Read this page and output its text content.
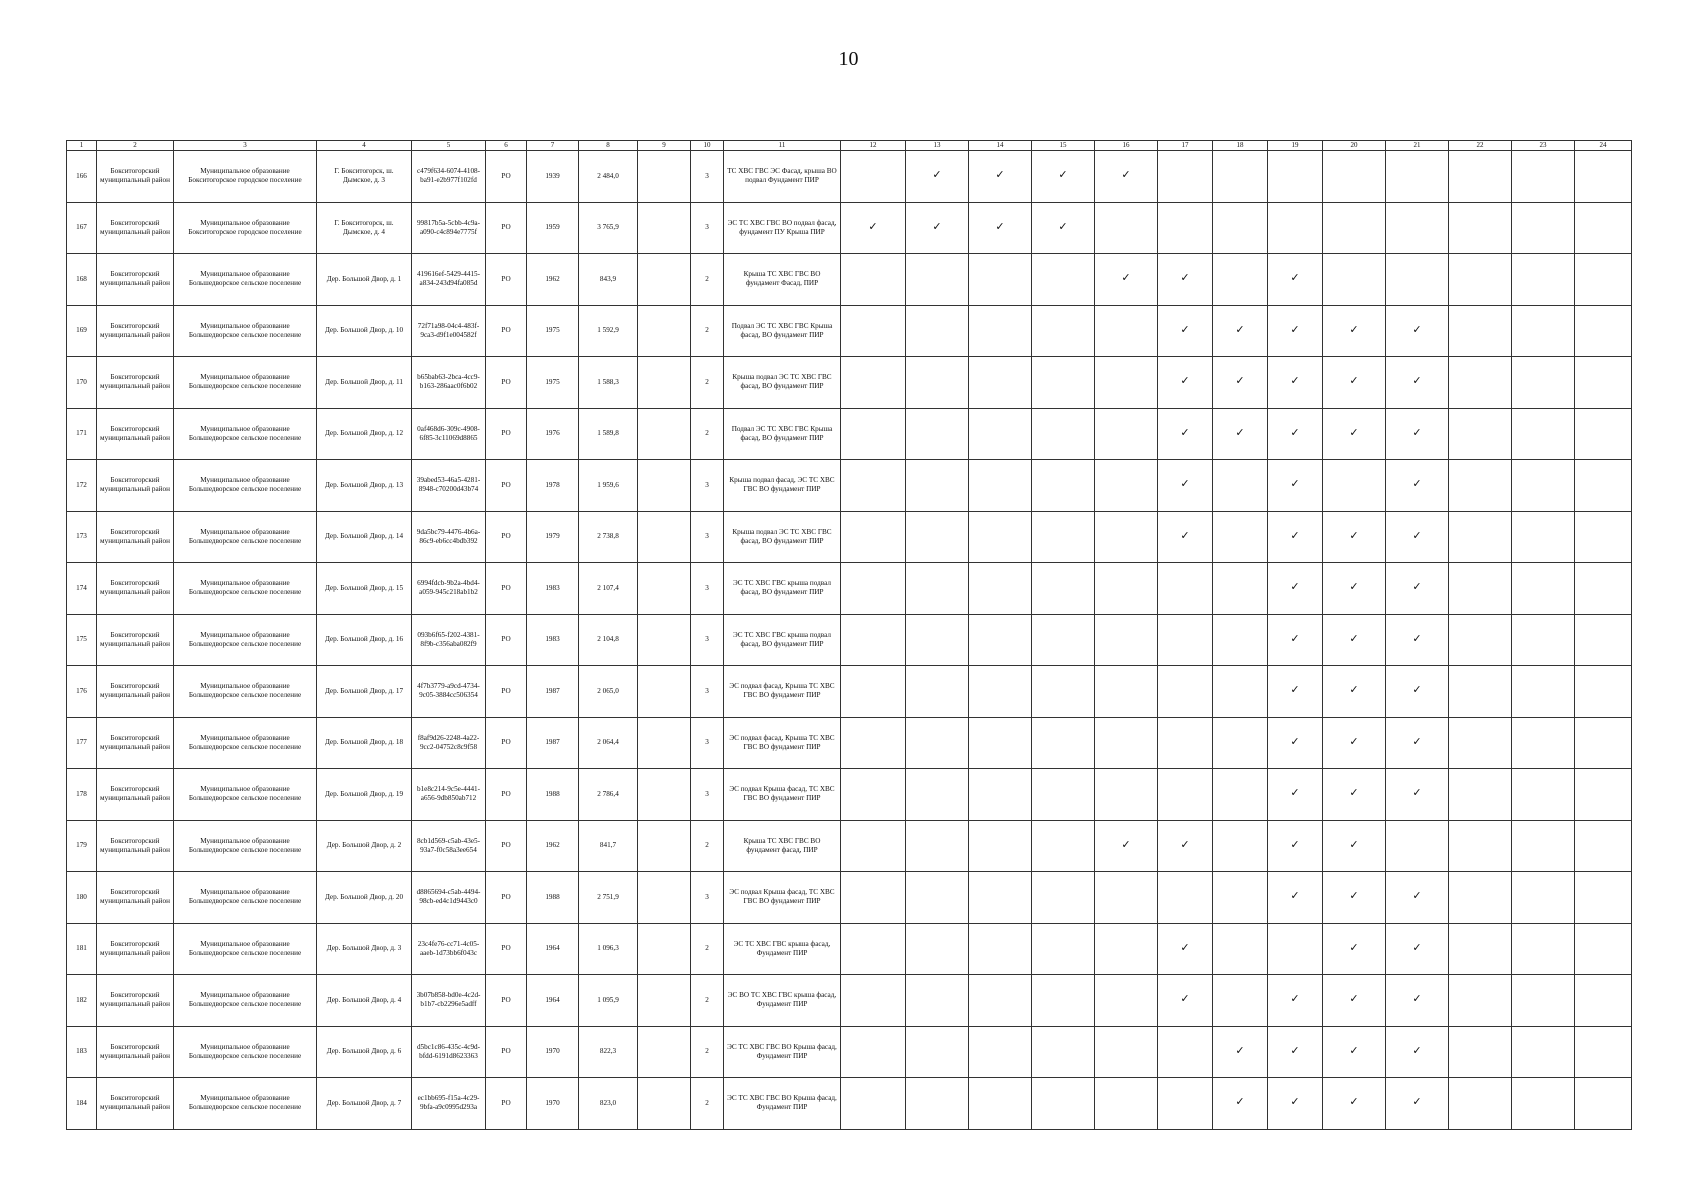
10
1	2	3	4	5	6	7	8	9	10	11	12	13	14	15	16	17	18	19	20	21	22	23	24
166	Бокситогорский муниципальный район	Муниципальное образование Бокситогорское городское поселение	Г. Бокситогорск, ш. Дымское, д. 3	c479f634-6074-4108-ba91-e2b977f102fd	РО	1939	2 484,0		3	ТС ХВС ГВС ЭС Фасад, крыша ВО подвал Фундамент ПИР		✓	✓	✓	✓								
167	Бокситогорский муниципальный район	Муниципальное образование Бокситогорское городское поселение	Г. Бокситогорск, ш. Дымское, д. 4	99817b5a-5cbb-4c9a-a090-c4c894e7775f	РО	1959	3 765,9		3	ЭС ТС ХВС ГВС ВО подвал фасад, фундамент ПУ Крыша ПИР	✓	✓	✓	✓									
168	Бокситогорский муниципальный район	Муниципальное образование Большедворское сельское поселение	Дер. Большой Двор, д. 1	419616ef-5429-4415-a834-243d94fa085d	РО	1962	843,9		2	Крыша ТС ХВС ГВС ВО фундамент Фасад, ПИР					✓	✓		✓					
169	Бокситогорский муниципальный район	Муниципальное образование Большедворское сельское поселение	Дер. Большой Двор, д. 10	72f71a98-04c4-483f-9ca3-d9f1e004582f	РО	1975	1 592,9		2	Подвал ЭС ТС ХВС ГВС Крыша фасад, ВО фундамент ПИР						✓	✓	✓	✓	✓			
170	Бокситогорский муниципальный район	Муниципальное образование Большедворское сельское поселение	Дер. Большой Двор, д. 11	b65bab63-2bca-4cc9-b163-286aac0f6b02	РО	1975	1 588,3		2	Крыша подвал ЭС ТС ХВС ГВС фасад, ВО фундамент ПИР						✓	✓	✓	✓	✓			
171	Бокситогорский муниципальный район	Муниципальное образование Большедворское сельское поселение	Дер. Большой Двор, д. 12	0af468d6-309c-4908-6f85-3c11069d8865	РО	1976	1 589,8		2	Подвал ЭС ТС ХВС ГВС Крыша фасад, ВО фундамент ПИР						✓	✓	✓	✓	✓			
172	Бокситогорский муниципальный район	Муниципальное образование Большедворское сельское поселение	Дер. Большой Двор, д. 13	39abed53-46a5-4281-8948-c70200d43b74	РО	1978	1 959,6		3	Крыша подвал фасад, ЭС ТС ХВС ГВС ВО фундамент ПИР						✓		✓		✓			
173	Бокситогорский муниципальный район	Муниципальное образование Большедворское сельское поселение	Дер. Большой Двор, д. 14	9da5bc79-4476-4b6a-86c9-eb6cc4bdb392	РО	1979	2 738,8		3	Крыша подвал ЭС ТС ХВС ГВС фасад, ВО фундамент ПИР						✓		✓	✓	✓			
174	Бокситогорский муниципальный район	Муниципальное образование Большедворское сельское поселение	Дер. Большой Двор, д. 15	6994fdcb-9b2a-4bd4-a059-945c218ab1b2	РО	1983	2 107,4		3	ЭС ТС ХВС ГВС крыша подвал фасад, ВО фундамент ПИР								✓	✓	✓			
175	Бокситогорский муниципальный район	Муниципальное образование Большедворское сельское поселение	Дер. Большой Двор, д. 16	093b6f65-f202-4381-8f9b-c356aba082f9	РО	1983	2 104,8		3	ЭС ТС ХВС ГВС крыша подвал фасад, ВО фундамент ПИР								✓	✓	✓			
176	Бокситогорский муниципальный район	Муниципальное образование Большедворское сельское поселение	Дер. Большой Двор, д. 17	4f7b3779-a9cd-4734-9c05-3884cc506354	РО	1987	2 065,0		3	ЭС подвал фасад, Крыша ТС ХВС ГВС ВО фундамент ПИР								✓	✓	✓			
177	Бокситогорский муниципальный район	Муниципальное образование Большедворское сельское поселение	Дер. Большой Двор, д. 18	f8af9d26-2248-4a22-9cc2-04752c8c9f58	РО	1987	2 064,4		3	ЭС подвал фасад, Крыша ТС ХВС ГВС ВО фундамент ПИР								✓	✓	✓			
178	Бокситогорский муниципальный район	Муниципальное образование Большедворское сельское поселение	Дер. Большой Двор, д. 19	b1e8c214-9c5e-4441-a656-9db850ab712	РО	1988	2 786,4		3	ЭС подвал Крыша фасад, ТС ХВС ГВС ВО фундамент ПИР								✓	✓	✓			
179	Бокситогорский муниципальный район	Муниципальное образование Большедворское сельское поселение	Дер. Большой Двор, д. 2	8cb1d569-c5ab-43e5-93a7-f0c58a3ee654	РО	1962	841,7		2	Крыша ТС ХВС ГВС ВО фундамент фасад, ПИР					✓	✓		✓	✓				
180	Бокситогорский муниципальный район	Муниципальное образование Большедворское сельское поселение	Дер. Большой Двор, д. 20	d8865694-c5ab-4494-98cb-ed4c1d9443c0	РО	1988	2 751,9		3	ЭС подвал Крыша фасад, ТС ХВС ГВС ВО фундамент ПИР								✓	✓	✓			
181	Бокситогорский муниципальный район	Муниципальное образование Большедворское сельское поселение	Дер. Большой Двор, д. 3	23c4fe76-cc71-4c05-aaeb-1d73bb6f043c	РО	1964	1 096,3		2	ЭС ТС ХВС ГВС крыша фасад, Фундамент ПИР						✓			✓	✓			
182	Бокситогорский муниципальный район	Муниципальное образование Большедворское сельское поселение	Дер. Большой Двор, д. 4	3b07b858-bd0e-4c2d-b1b7-cb2296e5adff	РО	1964	1 095,9		2	ЭС ВО ТС ХВС ГВС крыша фасад, Фундамент ПИР						✓		✓	✓	✓			
183	Бокситогорский муниципальный район	Муниципальное образование Большедворское сельское поселение	Дер. Большой Двор, д. 6	d5bc1c86-435c-4c9d-bfdd-6191d8623363	РО	1970	822,3		2	ЭС ТС ХВС ГВС ВО Крыша фасад, Фундамент ПИР							✓	✓	✓	✓			
184	Бокситогорский муниципальный район	Муниципальное образование Большедворское сельское поселение	Дер. Большой Двор, д. 7	ec1bb695-f15a-4c29-9bfa-a9c0995d293a	РО	1970	823,0		2	ЭС ТС ХВС ГВС ВО Крыша фасад, Фундамент ПИР							✓	✓	✓	✓			
